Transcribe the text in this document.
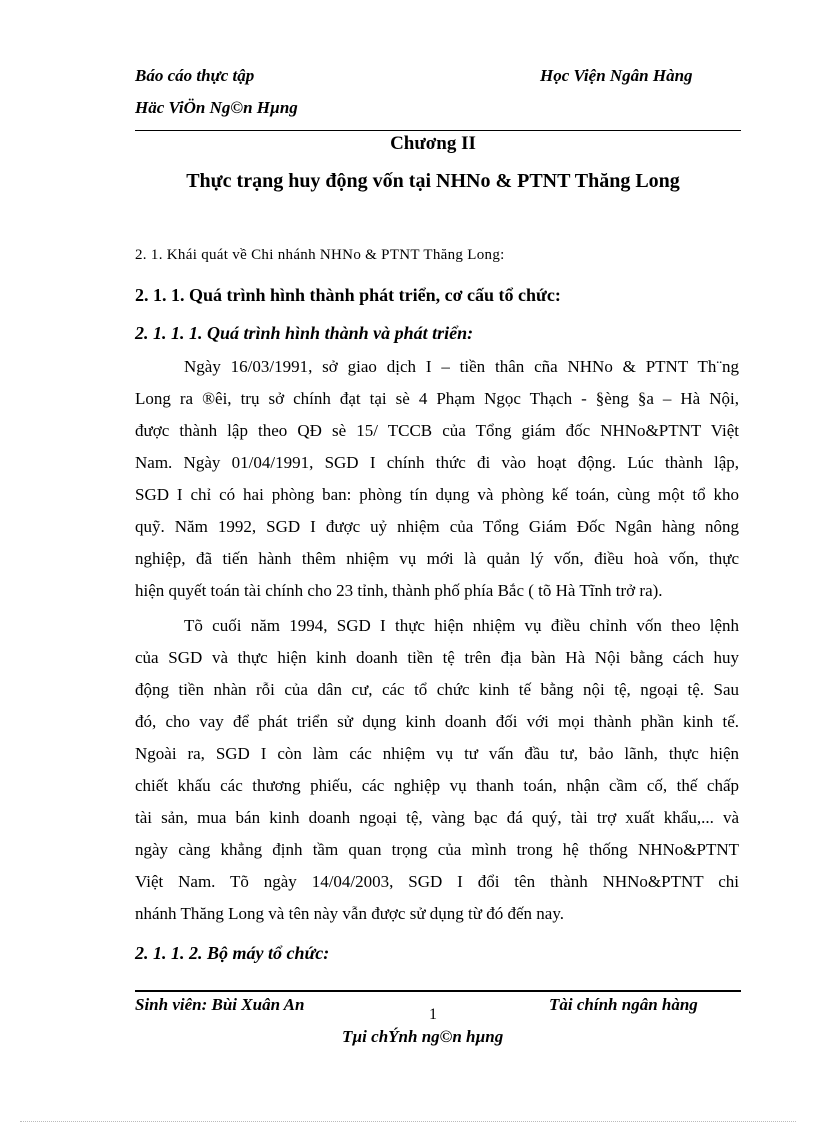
Báo cáo thực tập	Học Viện Ngân Hàng
Häc ViÖn Ng©n Hµng
Chương II
Thực trạng huy động vốn tại NHNo & PTNT Thăng Long
2. 1. Khái quát về Chi nhánh NHNo & PTNT Thăng Long:
2. 1. 1. Quá trình hình thành phát triển, cơ cấu tổ chức:
2. 1. 1. 1. Quá trình hình thành và phát triển:
Ngày 16/03/1991, sở giao dịch I – tiền thân cña NHNo & PTNT Th¨ng
Long ra ®êi, trụ sở chính đạt tại sè 4 Phạm Ngọc Thạch - §èng §a – Hà Nội,
được thành lập theo QĐ sè 15/ TCCB của Tổng giám đốc NHNo&PTNT Việt
Nam. Ngày 01/04/1991, SGD I chính thức đi vào hoạt động. Lúc thành lập,
SGD I chỉ có hai phòng ban: phòng tín dụng và phòng kế toán, cùng một tổ kho
quỹ. Năm 1992, SGD I được uỷ nhiệm của Tổng Giám Đốc Ngân hàng nông
nghiệp, đã tiến hành thêm nhiệm vụ mới là quản lý vốn, điều hoà vốn, thực
hiện quyết toán tài chính cho 23 tỉnh, thành phố phía Bắc ( tõ Hà Tĩnh trở ra).
Tõ cuối năm 1994, SGD I thực hiện nhiệm vụ điều chỉnh vốn theo lệnh
của SGD và thực hiện kinh doanh tiền tệ trên địa bàn Hà Nội bằng cách huy
động tiền nhàn rỗi của dân cư, các tổ chức kinh tế bằng nội tệ, ngoại tệ. Sau
đó, cho vay để phát triển sử dụng kinh doanh đối với mọi thành phần kinh tế.
Ngoài ra, SGD I còn làm các nhiệm vụ tư vấn đầu tư, bảo lãnh, thực hiện
chiết khấu các thương phiếu, các nghiệp vụ thanh toán, nhận cầm cố, thế chấp
tài sản, mua bán kinh doanh ngoại tệ, vàng bạc đá quý, tài trợ xuất khẩu,... và
ngày càng khẳng định tầm quan trọng của mình trong hệ thống NHNo&PTNT
Việt Nam. Tõ ngày 14/04/2003, SGD I đổi tên thành NHNo&PTNT chi
nhánh Thăng Long và tên này vẫn được sử dụng từ đó đến nay.
2. 1. 1. 2. Bộ máy tổ chức:
Sinh viên: Bùi Xuân An	Tài chính ngân hàng
1
Tµi chÝnh ng©n hµng
